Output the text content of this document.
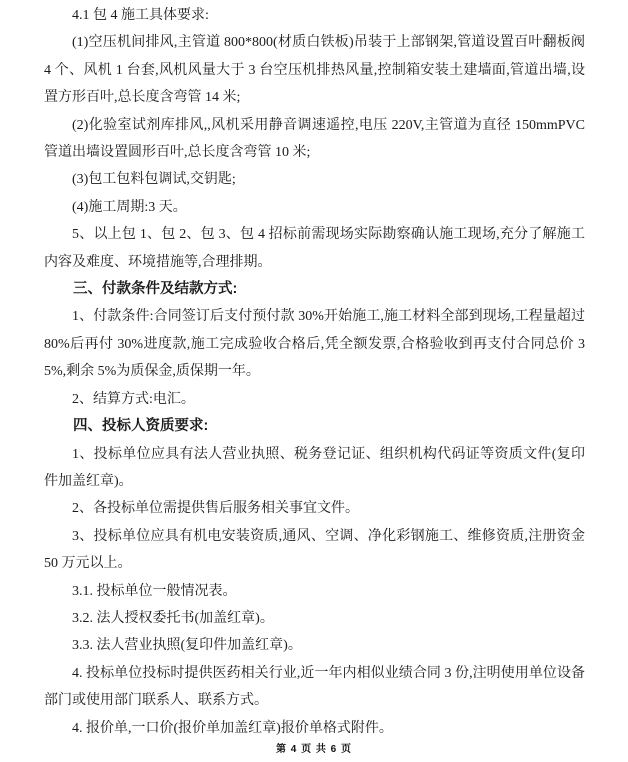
4.1 包 4 施工具体要求:

(1)空压机间排风,主管道 800*800(材质白铁板)吊装于上部钢架,管道设置百叶翻板阀 4 个、风机 1 台套,风机风量大于 3 台空压机排热风量,控制箱安装土建墙面,管道出墙,设置方形百叶,总长度含弯管 14 米;

(2)化验室试剂库排风,,风机采用静音调速遥控,电压 220V,主管道为直径 150mmPVC管道出墙设置圆形百叶,总长度含弯管 10 米;

(3)包工包料包调试,交钥匙;

(4)施工周期:3 天。

5、以上包 1、包 2、包 3、包 4 招标前需现场实际勘察确认施工现场,充分了解施工内容及难度、环境措施等,合理排期。

三、付款条件及结款方式:

1、付款条件:合同签订后支付预付款 30%开始施工,施工材料全部到现场,工程量超过 80%后再付 30%进度款,施工完成验收合格后,凭全额发票,合格验收到再支付合同总价 35%,剩余 5%为质保金,质保期一年。

2、结算方式:电汇。

四、投标人资质要求:

1、投标单位应具有法人营业执照、税务登记证、组织机构代码证等资质文件(复印件加盖红章)。

2、各投标单位需提供售后服务相关事宜文件。

3、投标单位应具有机电安装资质,通风、空调、净化彩钢施工、维修资质,注册资金 50 万元以上。

3.1. 投标单位一般情况表。

3.2. 法人授权委托书(加盖红章)。

3.3. 法人营业执照(复印件加盖红章)。

4. 投标单位投标时提供医药相关行业,近一年内相似业绩合同 3 份,注明使用单位设备部门或使用部门联系人、联系方式。

4. 报价单,一口价(报价单加盖红章)报价单格式附件。

第 4 页 共 6 页
